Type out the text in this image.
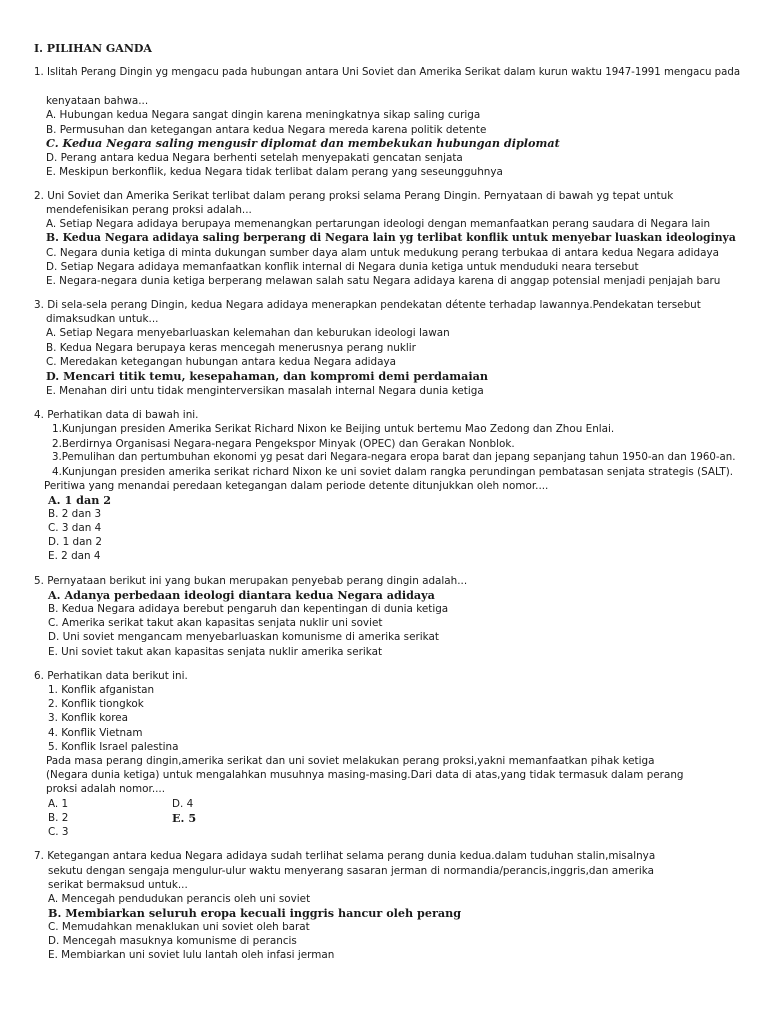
I. PILIHAN GANDA
1. Islitah Perang Dingin yg mengacu pada hubungan antara Uni Soviet dan Amerika Serikat dalam kurun waktu 1947-1991 mengacu pada
kenyataan bahwa...
A. Hubungan kedua Negara sangat dingin karena meningkatnya sikap saling curiga
B. Permusuhan dan ketegangan antara kedua Negara mereda karena politik detente
C. Kedua Negara saling mengusir diplomat dan membekukan hubungan diplomat
D. Perang antara kedua Negara berhenti setelah menyepakati gencatan senjata
E. Meskipun berkonflik, kedua Negara tidak terlibat dalam perang yang seseungguhnya
2. Uni Soviet dan Amerika Serikat terlibat dalam perang proksi selama Perang Dingin. Pernyataan di bawah yg tepat untuk
mendefenisikan perang proksi adalah...
A. Setiap Negara adidaya berupaya memenangkan pertarungan ideologi dengan memanfaatkan perang saudara di Negara lain
B. Kedua Negara adidaya saling berperang di Negara lain yg terlibat konflik untuk menyebar luaskan ideologinya
C. Negara dunia ketiga di minta dukungan sumber daya alam untuk medukung perang terbukaa di antara kedua Negara adidaya
D. Setiap Negara adidaya memanfaatkan konflik internal di Negara dunia ketiga untuk menduduki neara tersebut
E. Negara-negara dunia ketiga berperang melawan salah satu Negara adidaya karena di anggap potensial menjadi penjajah baru
3. Di sela-sela perang Dingin, kedua Negara adidaya menerapkan pendekatan détente terhadap lawannya.Pendekatan tersebut
dimaksudkan untuk...
A. Setiap Negara menyebarluaskan kelemahan dan keburukan ideologi lawan
B. Kedua Negara berupaya keras mencegah menerusnya perang nuklir
C. Meredakan ketegangan hubungan antara kedua Negara adidaya
D. Mencari titik temu, kesepahaman, dan kompromi demi perdamaian
E. Menahan diri untu tidak menginterversikan masalah internal Negara dunia ketiga
4. Perhatikan data di bawah ini.
1.Kunjungan presiden Amerika Serikat Richard Nixon ke Beijing untuk bertemu Mao Zedong dan Zhou Enlai.
2.Berdirnya Organisasi Negara-negara Pengekspor Minyak (OPEC) dan Gerakan Nonblok.
3.Pemulihan dan pertumbuhan ekonomi yg pesat dari Negara-negara eropa barat dan jepang sepanjang tahun 1950-an dan 1960-an.
4.Kunjungan presiden amerika serikat richard Nixon ke uni soviet dalam rangka perundingan pembatasan senjata strategis (SALT).
Peritiwa yang menandai peredaan ketegangan dalam periode detente ditunjukkan oleh nomor....
A. 1 dan 2
B. 2 dan 3
C. 3 dan 4
D. 1 dan 2
E. 2 dan 4
5. Pernyataan berikut ini yang bukan merupakan penyebab perang dingin adalah...
A. Adanya perbedaan ideologi diantara kedua Negara adidaya
B. Kedua Negara adidaya berebut pengaruh dan kepentingan di dunia ketiga
C. Amerika serikat takut akan kapasitas senjata nuklir uni soviet
D. Uni soviet mengancam menyebarluaskan komunisme di amerika serikat
E. Uni soviet takut akan kapasitas senjata nuklir amerika serikat
6. Perhatikan data berikut ini.
1. Konflik afganistan
2. Konflik tiongkok
3. Konflik korea
4. Konflik Vietnam
5. Konflik Israel palestina
Pada masa perang dingin,amerika serikat dan uni soviet melakukan perang proksi,yakni memanfaatkan pihak ketiga
(Negara dunia ketiga) untuk mengalahkan musuhnya masing-masing.Dari data di atas,yang tidak termasuk dalam perang
proksi adalah nomor....
A. 1
B. 2
C. 3
D. 4
E. 5
7. Ketegangan antara kedua Negara adidaya sudah terlihat selama perang dunia kedua.dalam tuduhan stalin,misalnya
sekutu dengan sengaja mengulur-ulur waktu menyerang sasaran jerman di normandia/perancis,inggris,dan amerika
serikat bermaksud untuk...
A. Mencegah pendudukan perancis oleh uni soviet
B. Membiarkan seluruh eropa kecuali inggris hancur oleh perang
C. Memudahkan menaklukan uni soviet oleh barat
D. Mencegah masuknya komunisme di perancis
E. Membiarkan uni soviet lulu lantah oleh infasi jerman
